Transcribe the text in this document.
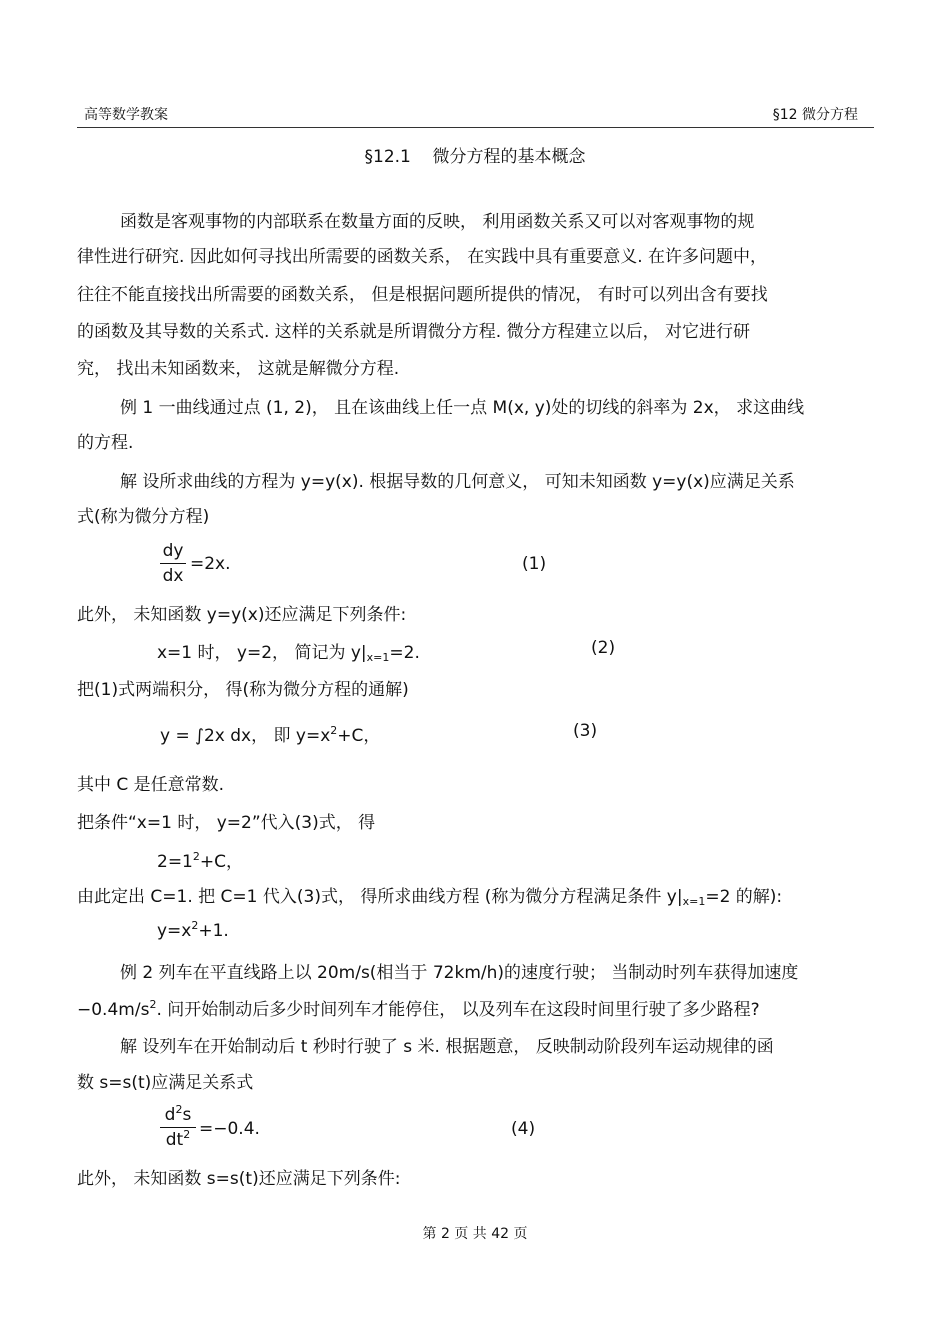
高等数学教案	§12 微分方程
§12.1    微分方程的基本概念
函数是客观事物的内部联系在数量方面的反映， 利用函数关系又可以对客观事物的规
律性进行研究. 因此如何寻找出所需要的函数关系， 在实践中具有重要意义. 在许多问题中，
往往不能直接找出所需要的函数关系， 但是根据问题所提供的情况， 有时可以列出含有要找
的函数及其导数的关系式. 这样的关系就是所谓微分方程. 微分方程建立以后， 对它进行研
究， 找出未知函数来， 这就是解微分方程.
例 1 一曲线通过点 (1, 2)， 且在该曲线上任一点 M(x, y)处的切线的斜率为 2x， 求这曲线
的方程.
解 设所求曲线的方程为 y=y(x). 根据导数的几何意义， 可知未知函数 y=y(x)应满足关系
式(称为微分方程)
dy
dx
=2x.	(1)
此外， 未知函数 y=y(x)还应满足下列条件:
x=1 时， y=2， 简记为 $y|_{x=1}=2$.	(2)
把(1)式两端积分， 得(称为微分方程的通解)
y = ∫2x dx， 即 $y=x^2+C$，	(3)
其中 C 是任意常数.
把条件“x=1 时， y=2”代入(3)式， 得
$2=1^2+C$，
由此定出 C=1. 把 C=1 代入(3)式， 得所求曲线方程 (称为微分方程满足条件 $y|_{x=1}=2$ 的解):
$y=x^2+1$.
例 2 列车在平直线路上以 20m/s(相当于 72km/h)的速度行驶； 当制动时列车获得加速度
$-0.4m/s^2$. 问开始制动后多少时间列车才能停住， 以及列车在这段时间里行驶了多少路程?
解 设列车在开始制动后 t 秒时行驶了 s 米. 根据题意， 反映制动阶段列车运动规律的函
数 s=s(t)应满足关系式
$d^2s$
$dt^2 =-0.4$.	(4)
此外， 未知函数 s=s(t)还应满足下列条件:
第 2 页 共 42 页
